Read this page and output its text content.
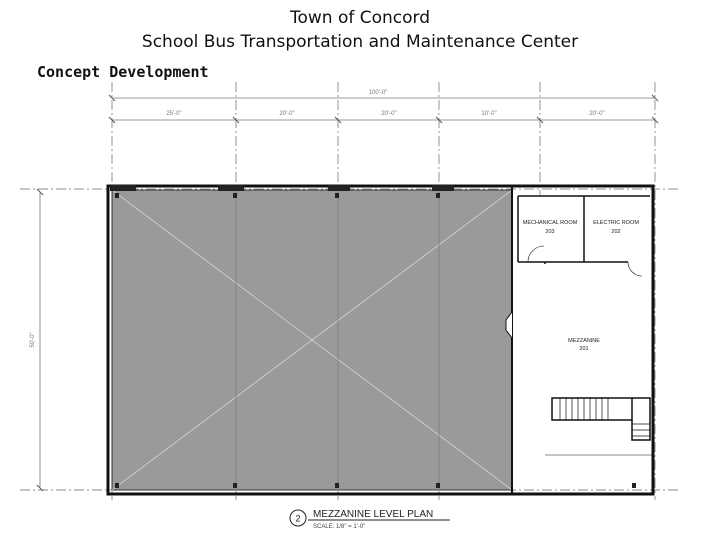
Town of Concord
School Bus Transportation and Maintenance Center
Concept Development
100'-0"
25'-0"	20'-0"	20'-0"	10'-0"	20'-0"
50'-0"
MECHANICAL ROOM
203
ELECTRIC ROOM
202
MEZZANINE
201
2 MEZZANINE LEVEL PLAN
SCALE: 1/8" = 1'-0"
